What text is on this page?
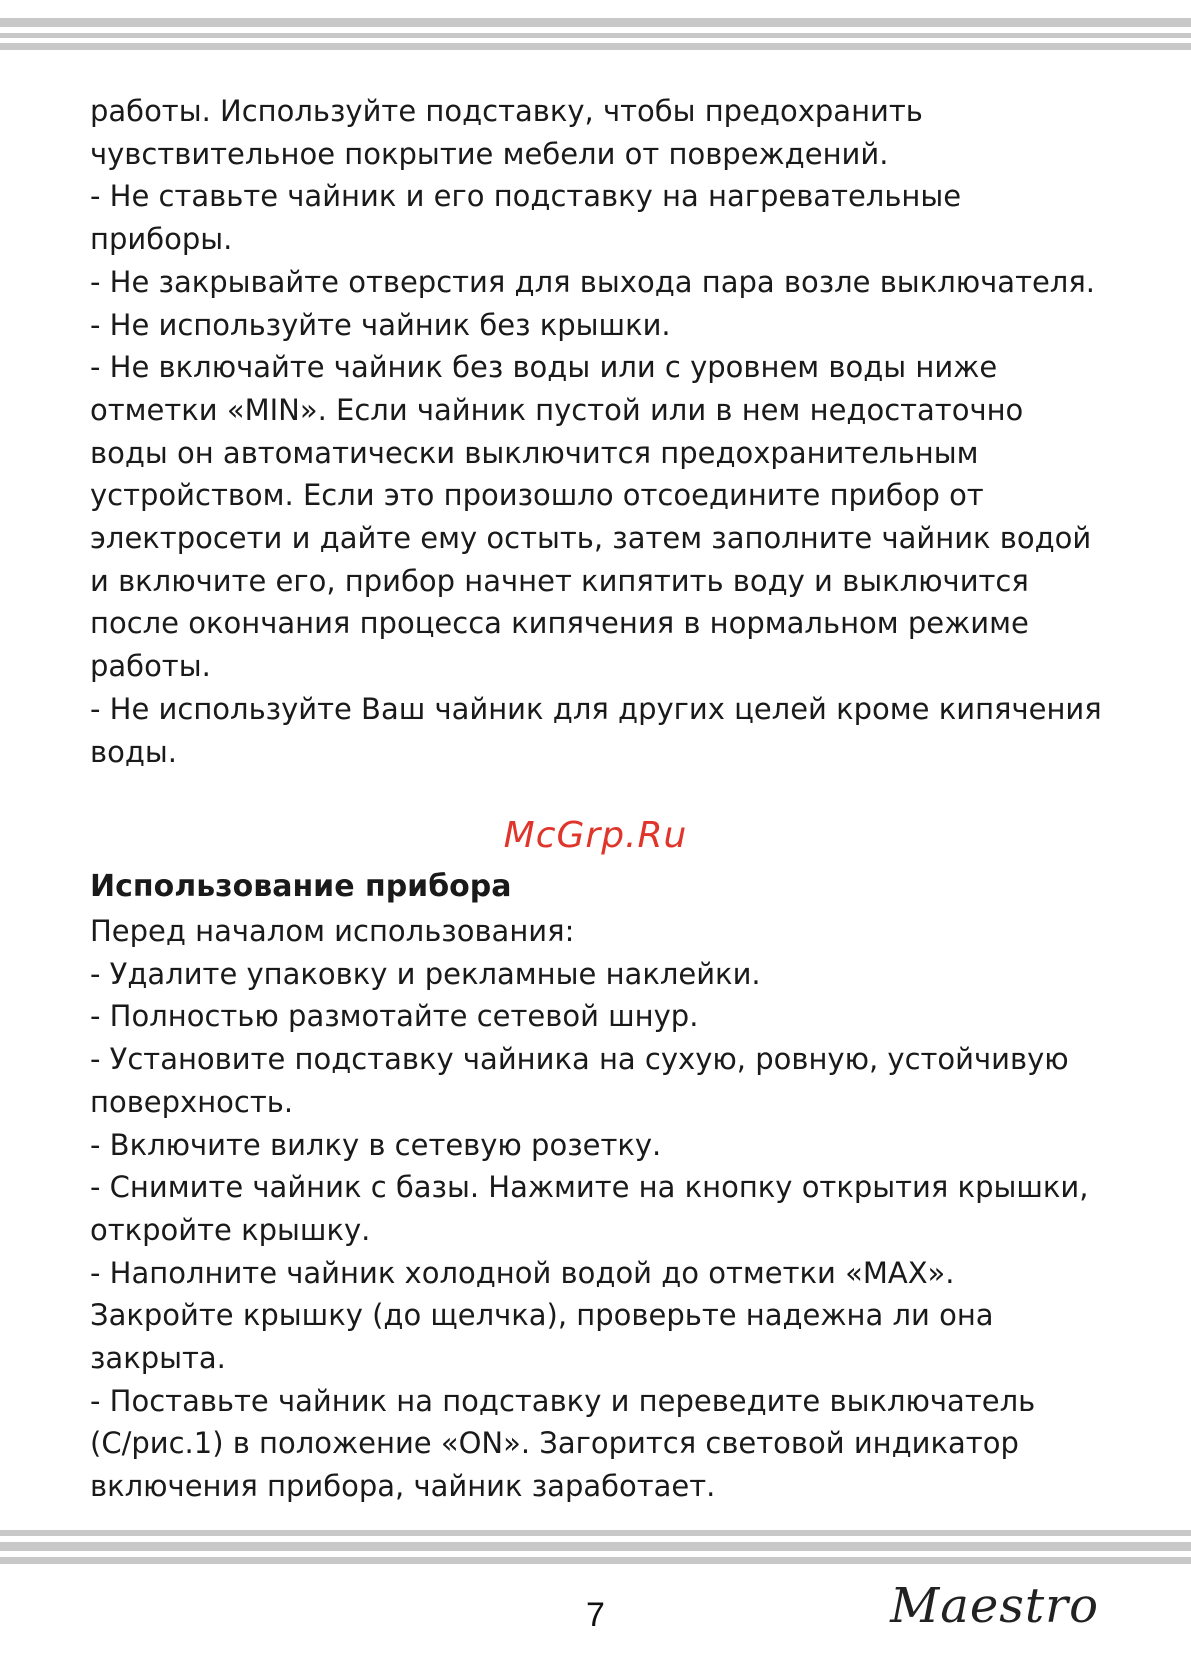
работы. Используйте подставку, чтобы предохранить

чувствительное покрытие мебели от повреждений.

- Не ставьте чайник и его подставку на нагревательные

приборы.

- Не закрывайте отверстия для выхода пара возле выключателя.

- Не используйте чайник без крышки.

- Не включайте чайник без воды или с уровнем воды ниже

отметки «MIN». Если чайник пустой или в нем недостаточно

воды он автоматически выключится предохранительным

устройством. Если это произошло отсоедините прибор от

электросети и дайте ему остыть, затем заполните чайник водой

и включите его, прибор начнет кипятить воду и выключится

после окончания процесса кипячения в нормальном режиме

работы.

- Не используйте Ваш чайник для других целей кроме кипячения

воды.

McGrp.Ru
Использование прибора

Перед началом использования:

- Удалите упаковку и рекламные наклейки.

- Полностью размотайте сетевой шнур.

- Установите подставку чайника на сухую, ровную, устойчивую

поверхность.

- Включите вилку в сетевую розетку.

- Снимите чайник с базы. Нажмите на кнопку открытия крышки,

откройте крышку.

- Наполните чайник холодной водой до отметки «MAX».

Закройте крышку (до щелчка), проверьте надежна ли она

закрыта.

- Поставьте чайник на подставку и переведите выключатель

(С/рис.1) в положение «ON». Загорится световой индикатор

включения прибора, чайник заработает.

7	Maestro
